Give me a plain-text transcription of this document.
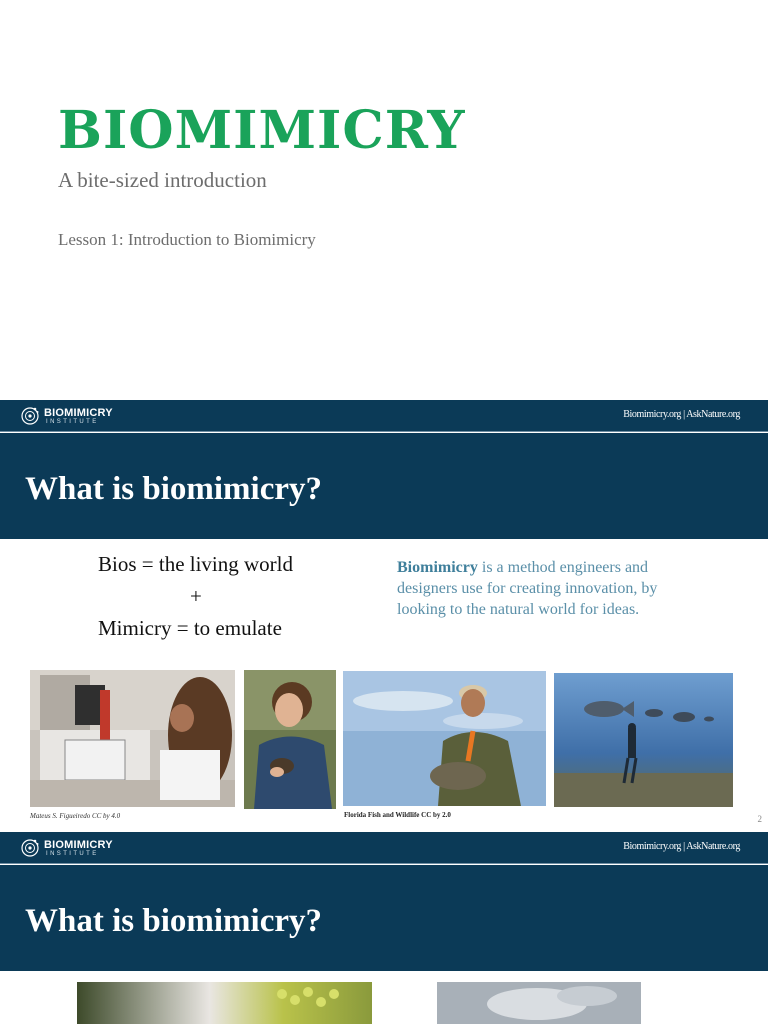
BIOMIMICRY
A bite-sized introduction
Lesson 1: Introduction to Biomimicry
BIOMIMICRY
INSTITUTE
Biomimicry.org | AskNature.org
What is biomimicry?
Bios = the living world
+
Mimicry = to emulate
Biomimicry is a method engineers and designers use for creating innovation, by looking to the natural world for ideas.
Mateus S. Figueiredo CC by 4.0	Florida Fish and Wildlife CC by 2.0	2
BIOMIMICRY
INSTITUTE
Biomimicry.org | AskNature.org
What is biomimicry?
